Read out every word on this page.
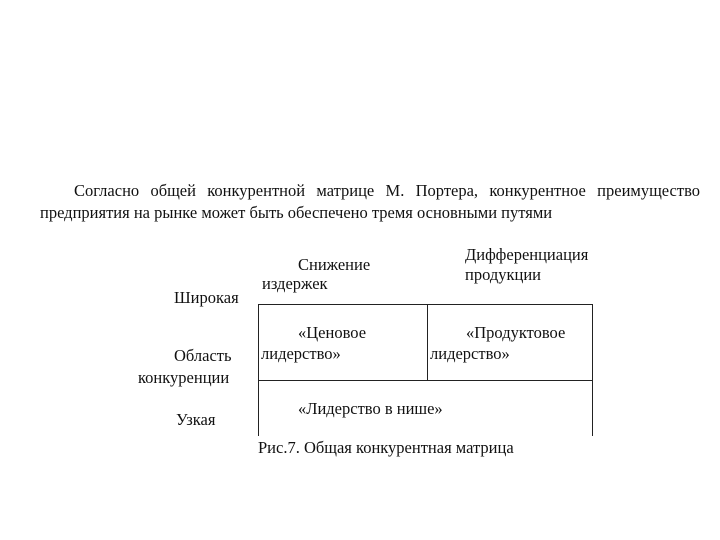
Согласно общей конкурентной матрице М. Портера, конкурентное преимущество
предприятия на рынке может быть обеспечено тремя основными путями
Снижение
издержек
Дифференциация
продукции
Широкая
Область
конкуренции
Узкая
«Ценовое
лидерство»
«Продуктовое
лидерство»
«Лидерство в нише»
Рис.7. Общая конкурентная матрица
